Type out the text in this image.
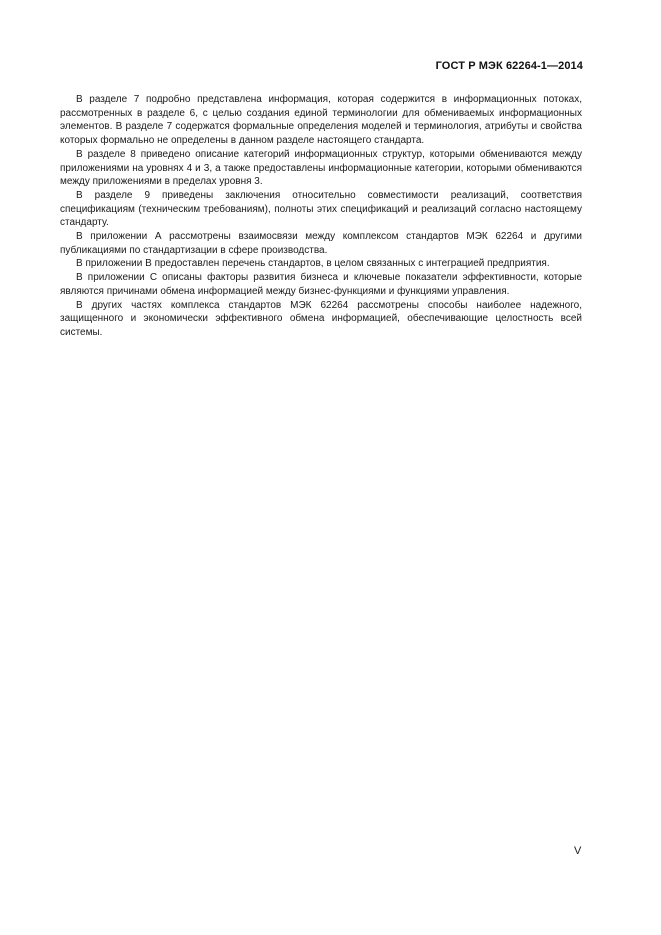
ГОСТ Р МЭК 62264-1—2014

В разделе 7 подробно представлена информация, которая содержится в информационных потоках, рассмотренных в разделе 6, с целью создания единой терминологии для обмениваемых информационных элементов. В разделе 7 содержатся формальные определения моделей и терминология, атрибуты и свойства которых формально не определены в данном разделе настоящего стандарта.

В разделе 8 приведено описание категорий информационных структур, которыми обмениваются между приложениями на уровнях 4 и 3, а также предоставлены информационные категории, которыми обмениваются между приложениями в пределах уровня 3.

В разделе 9 приведены заключения относительно совместимости реализаций, соответствия спецификациям (техническим требованиям), полноты этих спецификаций и реализаций согласно настоящему стандарту.

В приложении А рассмотрены взаимосвязи между комплексом стандартов МЭК 62264 и другими публикациями по стандартизации в сфере производства.

В приложении В предоставлен перечень стандартов, в целом связанных с интеграцией предприятия.

В приложении С описаны факторы развития бизнеса и ключевые показатели эффективности, которые являются причинами обмена информацией между бизнес-функциями и функциями управления.

В других частях комплекса стандартов МЭК 62264 рассмотрены способы наиболее надежного, защищенного и экономически эффективного обмена информацией, обеспечивающие целостность всей системы.

V
